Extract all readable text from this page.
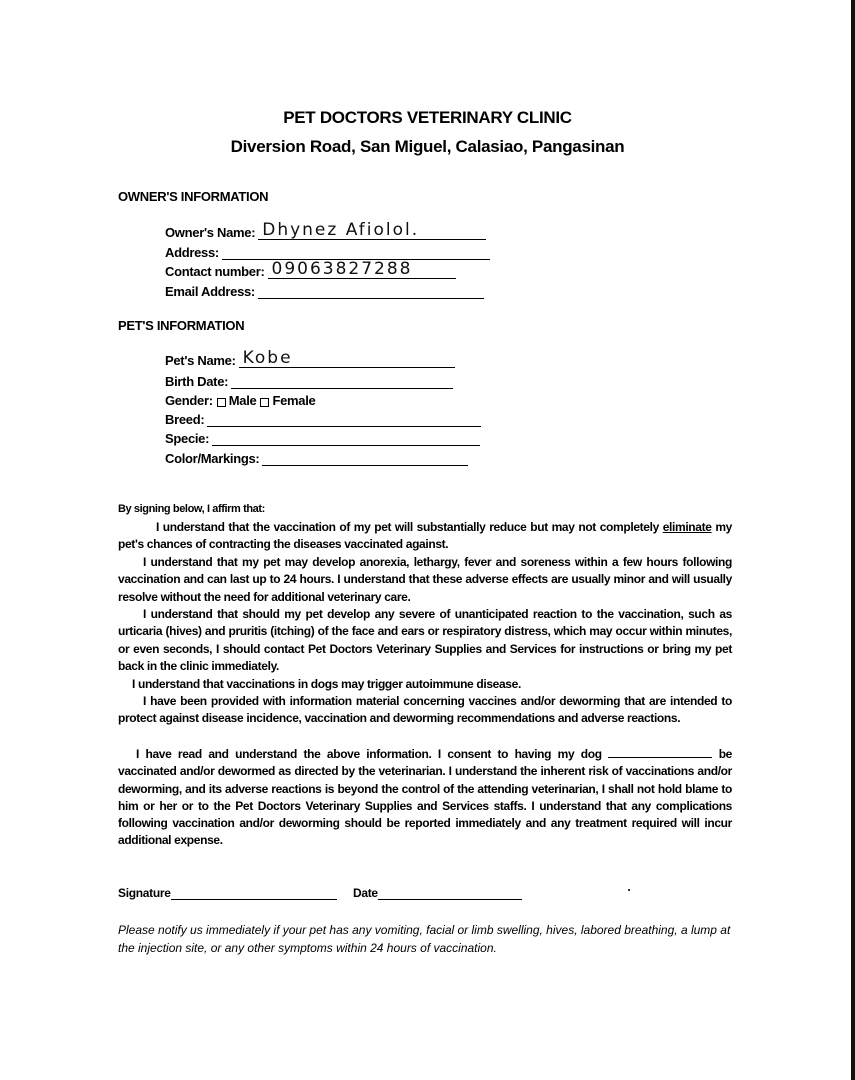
PET DOCTORS VETERINARY CLINIC
Diversion Road, San Miguel, Calasiao, Pangasinan
OWNER'S INFORMATION
Owner's Name: Dhynez Afiolol.
Address:
Contact number: 09063827288
Email Address:
PET'S INFORMATION
Pet's Name: Kobe
Birth Date:
Gender: Male Female
Breed:
Specie:
Color/Markings:
By signing below, I affirm that:
I understand that the vaccination of my pet will substantially reduce but may not completely eliminate my pet's chances of contracting the diseases vaccinated against.
I understand that my pet may develop anorexia, lethargy, fever and soreness within a few hours following vaccination and can last up to 24 hours. I understand that these adverse effects are usually minor and will usually resolve without the need for additional veterinary care.
I understand that should my pet develop any severe of unanticipated reaction to the vaccination, such as urticaria (hives) and pruritis (itching) of the face and ears or respiratory distress, which may occur within minutes, or even seconds, I should contact Pet Doctors Veterinary Supplies and Services for instructions or bring my pet back in the clinic immediately.
I understand that vaccinations in dogs may trigger autoimmune disease.
I have been provided with information material concerning vaccines and/or deworming that are intended to protect against disease incidence, vaccination and deworming recommendations and adverse reactions.
I have read and understand the above information. I consent to having my dog	be vaccinated and/or dewormed as directed by the veterinarian. I understand the inherent risk of vaccinations and/or deworming, and its adverse reactions is beyond the control of the attending veterinarian, I shall not hold blame to him or her or to the Pet Doctors Veterinary Supplies and Services staffs. I understand that any complications following vaccination and/or deworming should be reported immediately and any treatment required will incur additional expense.
Signature	Date
Please notify us immediately if your pet has any vomiting, facial or limb swelling, hives, labored breathing, a lump at the injection site, or any other symptoms within 24 hours of vaccination.
